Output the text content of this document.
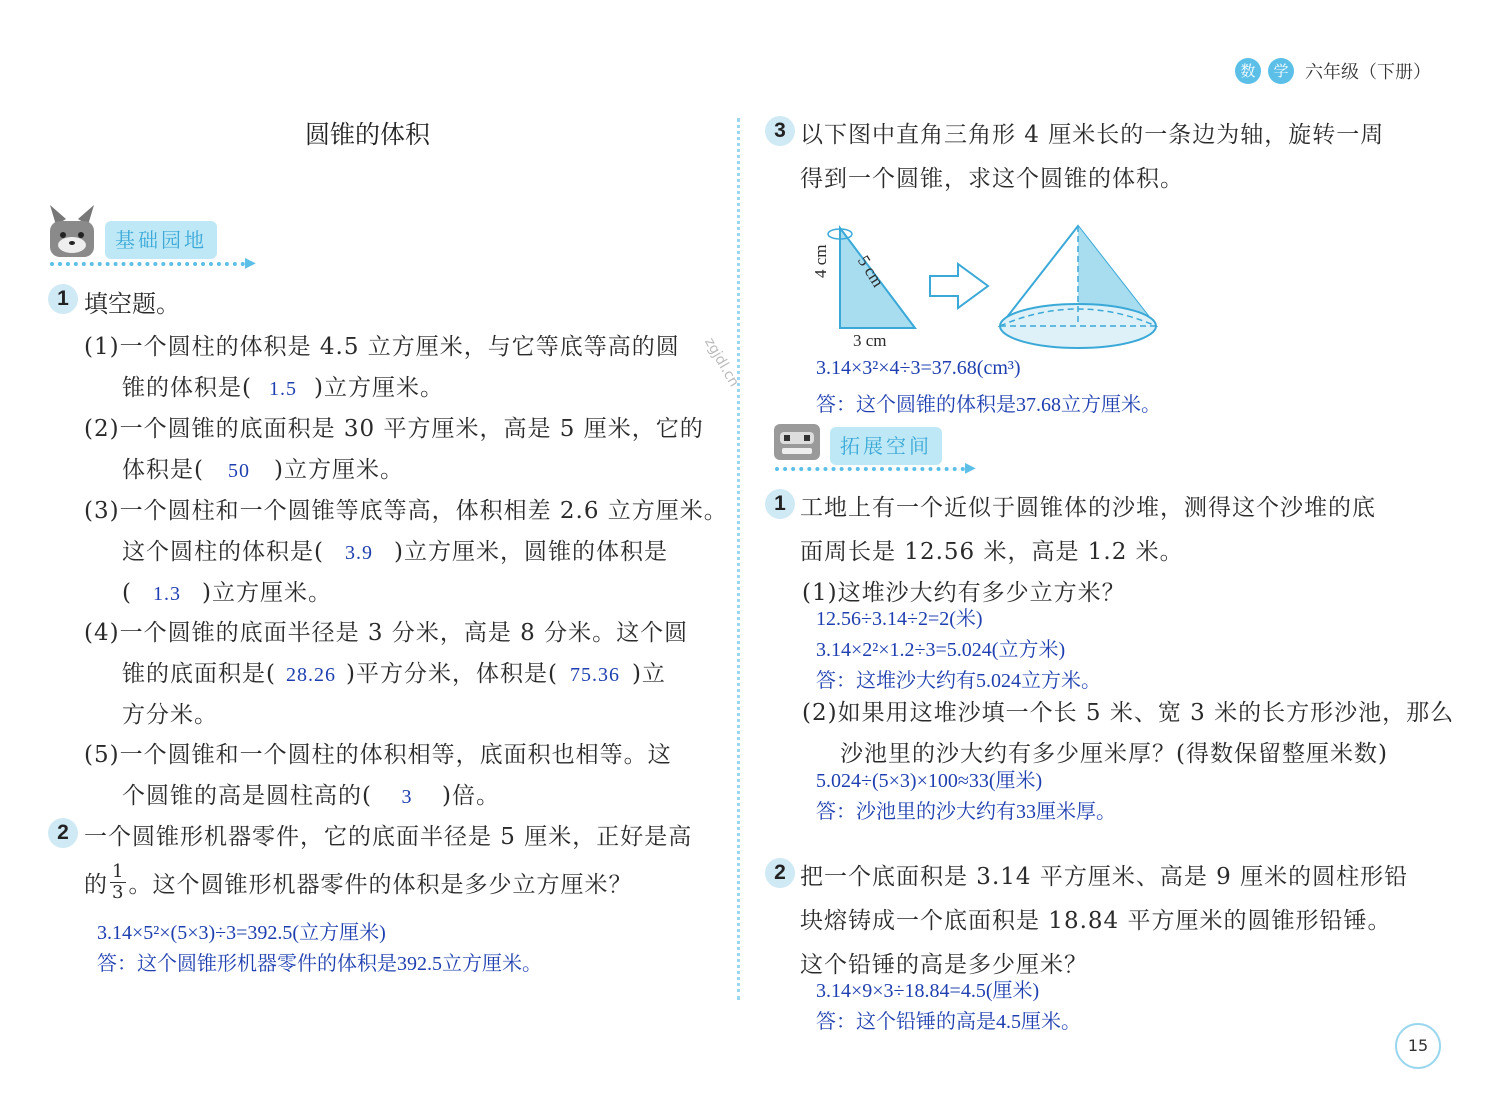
数	学 六年级（下册）
圆锥的体积
基础园地
▶
1 填空题。
(1)一个圆柱的体积是 4.5 立方厘米，与它等底等高的圆
锥的体积是( 1.5 )立方厘米。
(2)一个圆锥的底面积是 30 平方厘米，高是 5 厘米，它的
体积是( 50 )立方厘米。
(3)一个圆柱和一个圆锥等底等高，体积相差 2.6 立方厘米。
这个圆柱的体积是( 3.9 )立方厘米，圆锥的体积是
( 1.3 )立方厘米。
(4)一个圆锥的底面半径是 3 分米，高是 8 分米。这个圆
锥的底面积是( 28.26 )平方分米，体积是( 75.36 )立
方分米。
(5)一个圆锥和一个圆柱的体积相等，底面积也相等。这
个圆锥的高是圆柱高的( 3 )倍。
2 一个圆锥形机器零件，它的底面半径是 5 厘米，正好是高
的 $\frac{1}{3}$ 。这个圆锥形机器零件的体积是多少立方厘米？
3.14×5²×(5×3)÷3=392.5(立方厘米)
答：这个圆锥形机器零件的体积是392.5立方厘米。
zgjdl.cn
3 以下图中直角三角形 4 厘米长的一条边为轴，旋转一周
得到一个圆锥，求这个圆锥的体积。
4 cm 5 cm
3 cm
3.14×3²×4÷3=37.68(cm³)
答：这个圆锥的体积是37.68立方厘米。
拓展空间
▶
1 工地上有一个近似于圆锥体的沙堆，测得这个沙堆的底
面周长是 12.56 米，高是 1.2 米。
(1)这堆沙大约有多少立方米？
12.56÷3.14÷2=2(米)
3.14×2²×1.2÷3=5.024(立方米)
答：这堆沙大约有5.024立方米。
(2)如果用这堆沙填一个长 5 米、宽 3 米的长方形沙池，那么
沙池里的沙大约有多少厘米厚？(得数保留整厘米数)
5.024÷(5×3)×100≈33(厘米)
答：沙池里的沙大约有33厘米厚。
2 把一个底面积是 3.14 平方厘米、高是 9 厘米的圆柱形铅
块熔铸成一个底面积是 18.84 平方厘米的圆锥形铅锤。
这个铅锤的高是多少厘米？
3.14×9×3÷18.84=4.5(厘米)
答：这个铅锤的高是4.5厘米。
15
